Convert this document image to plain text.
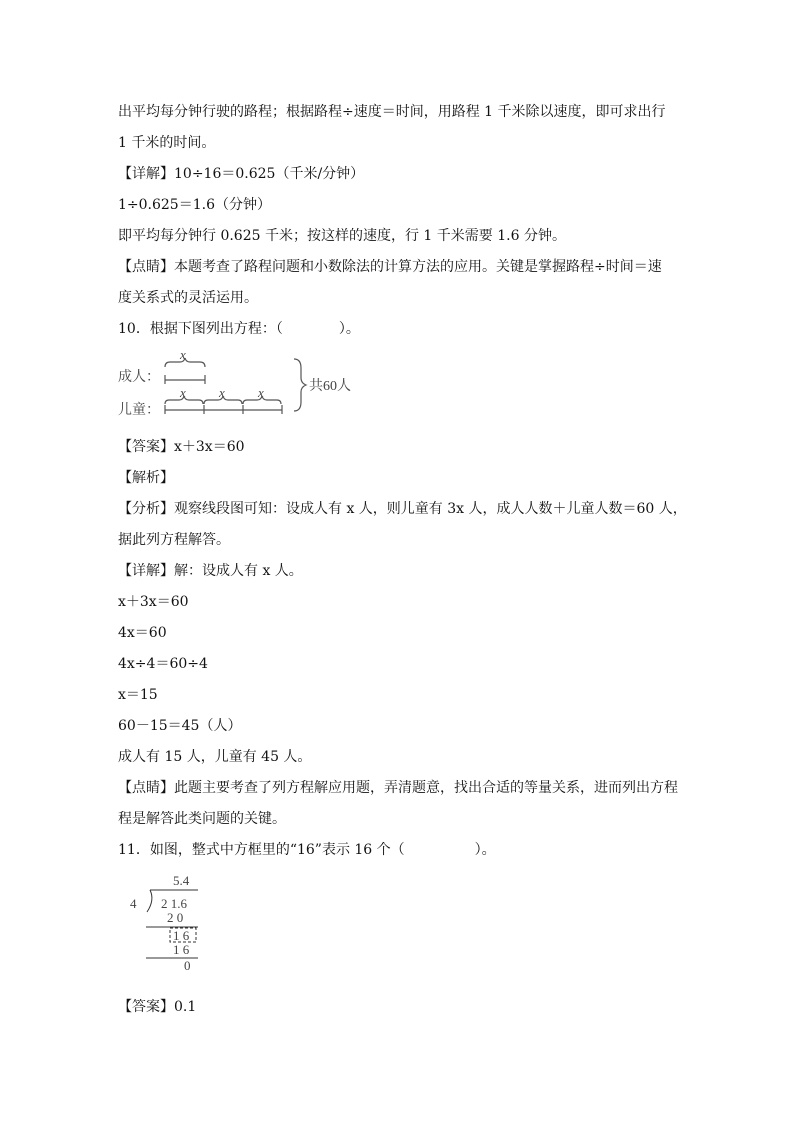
出平均每分钟行驶的路程；根据路程÷速度＝时间，用路程 1 千米除以速度，即可求出行
1 千米的时间。
【详解】10÷16＝0.625（千米/分钟）
1÷0.625＝1.6（分钟）
即平均每分钟行 0.625 千米；按这样的速度，行 1 千米需要 1.6 分钟。
【点睛】本题考查了路程问题和小数除法的计算方法的应用。关键是掌握路程÷时间＝速
度关系式的灵活运用。
10．根据下图列出方程：（　　　　）。
成人：
儿童：
x
x	x	x	共60人
【答案】x＋3x＝60
【解析】
【分析】观察线段图可知：设成人有 x 人，则儿童有 3x 人，成人人数＋儿童人数＝60 人，
据此列方程解答。
【详解】解：设成人有 x 人。
x＋3x＝60
4x＝60
4x÷4＝60÷4
x＝15
60－15＝45（人）
成人有 15 人，儿童有 45 人。
【点睛】此题主要考查了列方程解应用题，弄清题意，找出合适的等量关系，进而列出方程
程是解答此类问题的关键。
11．如图，整式中方框里的“16”表示 16 个（　　　　　）。
5.4
4 2 1.6
2 0
1 6
1 6
0
【答案】0.1
